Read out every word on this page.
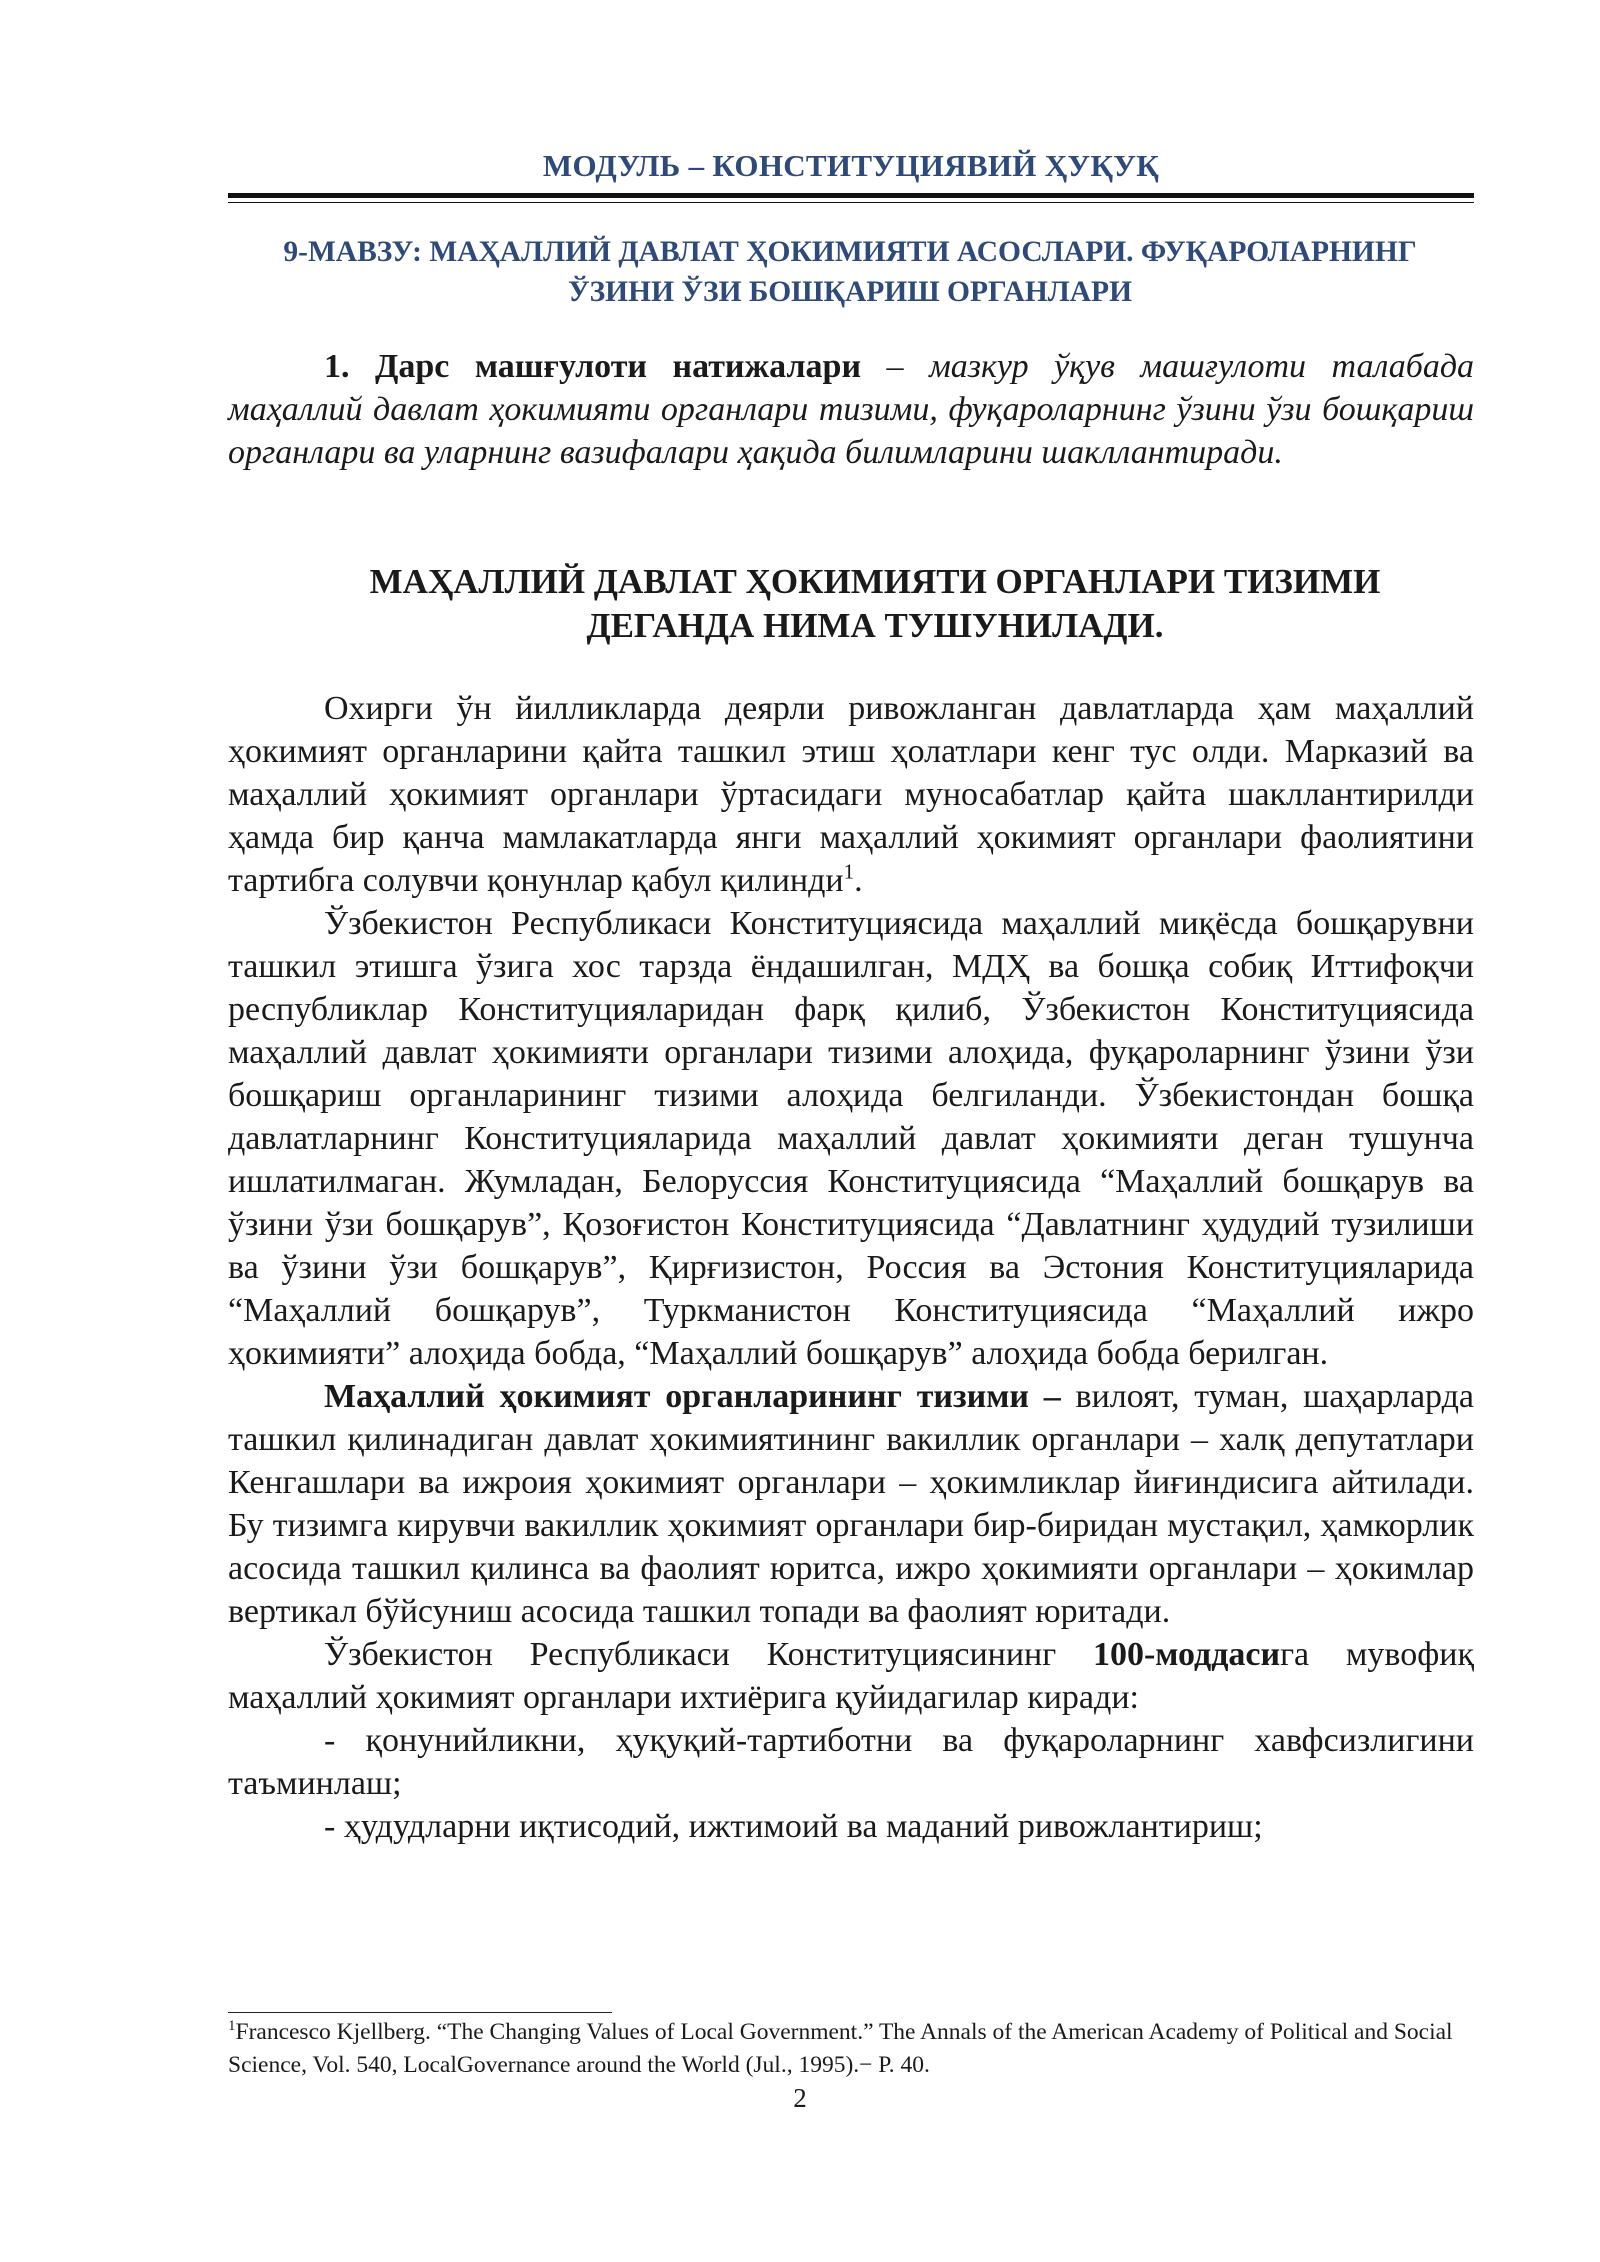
МОДУЛЬ – КОНСТИТУЦИЯВИЙ ҲУҚУҚ
9-МАВЗУ: МАҲАЛЛИЙ ДАВЛАТ ҲОКИМИЯТИ АСОСЛАРИ. ФУҚАРОЛАРНИНГ
ЎЗИНИ ЎЗИ БОШҚАРИШ ОРГАНЛАРИ
1. Дарс машғулоти натижалари – мазкур ўқув машғулоти талабада маҳаллий давлат ҳокимияти органлари тизими, фуқароларнинг ўзини ўзи бошқариш органлари ва уларнинг вазифалари ҳақида билимларини шакллантиради.
МАҲАЛЛИЙ ДАВЛАТ ҲОКИМИЯТИ ОРГАНЛАРИ ТИЗИМИ
ДЕГАНДА НИМА ТУШУНИЛАДИ.

Охирги ўн йилликларда деярли ривожланган давлатларда ҳам маҳаллий ҳокимият органларини қайта ташкил этиш ҳолатлари кенг тус олди. Марказий ва маҳаллий ҳокимият органлари ўртасидаги муносабатлар қайта шакллантирилди ҳамда бир қанча мамлакатларда янги маҳаллий ҳокимият органлари фаолиятини тартибга солувчи қонунлар қабул қилинди$^1$.

Ўзбекистон Республикаси Конституциясида маҳаллий миқёсда бошқарувни ташкил этишга ўзига хос тарзда ёндашилган, МДҲ ва бошқа собиқ Иттифоқчи республиклар Конституцияларидан фарқ қилиб, Ўзбекистон Конституциясида маҳаллий давлат ҳокимияти органлари тизими алоҳида, фуқароларнинг ўзини ўзи бошқариш органларининг тизими алоҳида белгиланди. Ўзбекистондан бошқа давлатларнинг Конституцияларида маҳаллий давлат ҳокимияти деган тушунча ишлатилмаган. Жумладан, Белоруссия Конституциясида “Маҳаллий бошқарув ва ўзини ўзи бошқарув”, Қозоғистон Конституциясида “Давлатнинг ҳудудий тузилиши ва ўзини ўзи бошқарув”, Қирғизистон, Россия ва Эстония Конституцияларида “Маҳаллий бошқарув”, Туркманистон Конституциясида “Маҳаллий ижро ҳокимияти” алоҳида бобда, “Маҳаллий бошқарув” алоҳида бобда берилган.

Маҳаллий ҳокимият органларининг тизими – вилоят, туман, шаҳарларда ташкил қилинадиган давлат ҳокимиятининг вакиллик органлари – халқ депутатлари Кенгашлари ва ижроия ҳокимият органлари – ҳокимликлар йиғиндисига айтилади. Бу тизимга кирувчи вакиллик ҳокимият органлари бир-биридан мустақил, ҳамкорлик асосида ташкил қилинса ва фаолият юритса, ижро ҳокимияти органлари – ҳокимлар вертикал бўйсуниш асосида ташкил топади ва фаолият юритади.

Ўзбекистон Республикаси Конституциясининг 100-моддасига мувофиқ маҳаллий ҳокимият органлари ихтиёрига қуйидагилар киради:

- қонунийликни, ҳуқуқий-тартиботни ва фуқароларнинг хавфсизлигини таъминлаш;

- ҳудудларни иқтисодий, ижтимоий ва маданий ривожлантириш;

$^1$Francesco Kjellberg. “The Changing Values of Local Government.” The Annals of the American Academy of Political and Social Science, Vol. 540, LocalGovernance around the World (Jul., 1995).− P. 40.
2
